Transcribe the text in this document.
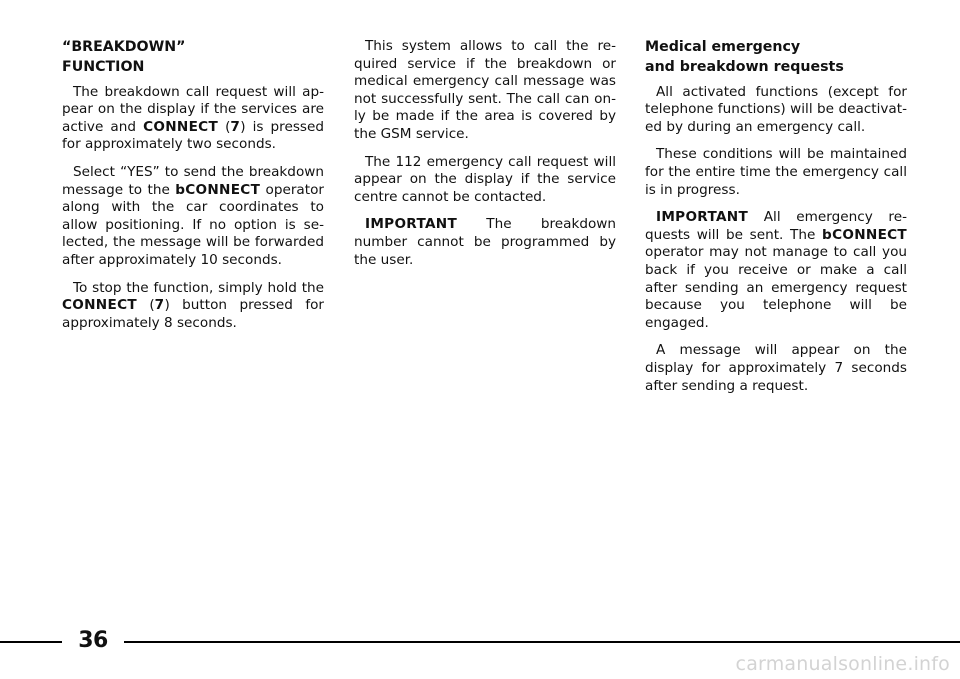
“BREAKDOWN”
FUNCTION

The breakdown call request will appear on the display if the services are active and CONNECT (7) is pressed for approximately two seconds.

Select “YES” to send the breakdown message to the bCONNECT operator along with the car coordinates to allow positioning. If no option is selected, the message will be forwarded after approximately 10 seconds.

To stop the function, simply hold the CONNECT (7) button pressed for approximately 8 seconds.

This system allows to call the required service if the breakdown or medical emergency call message was not successfully sent. The call can only be made if the area is covered by the GSM service.

The 112 emergency call request will appear on the display if the service centre cannot be contacted.

IMPORTANT The breakdown number cannot be programmed by the user.

Medical emergency
and breakdown requests

All activated functions (except for telephone functions) will be deactivated by during an emergency call.

These conditions will be maintained for the entire time the emergency call is in progress.

IMPORTANT All emergency requests will be sent. The bCONNECT operator may not manage to call you back if you receive or make a call after sending an emergency request because you telephone will be engaged.

A message will appear on the display for approximately 7 seconds after sending a request.

36
carmanualsonline.info
